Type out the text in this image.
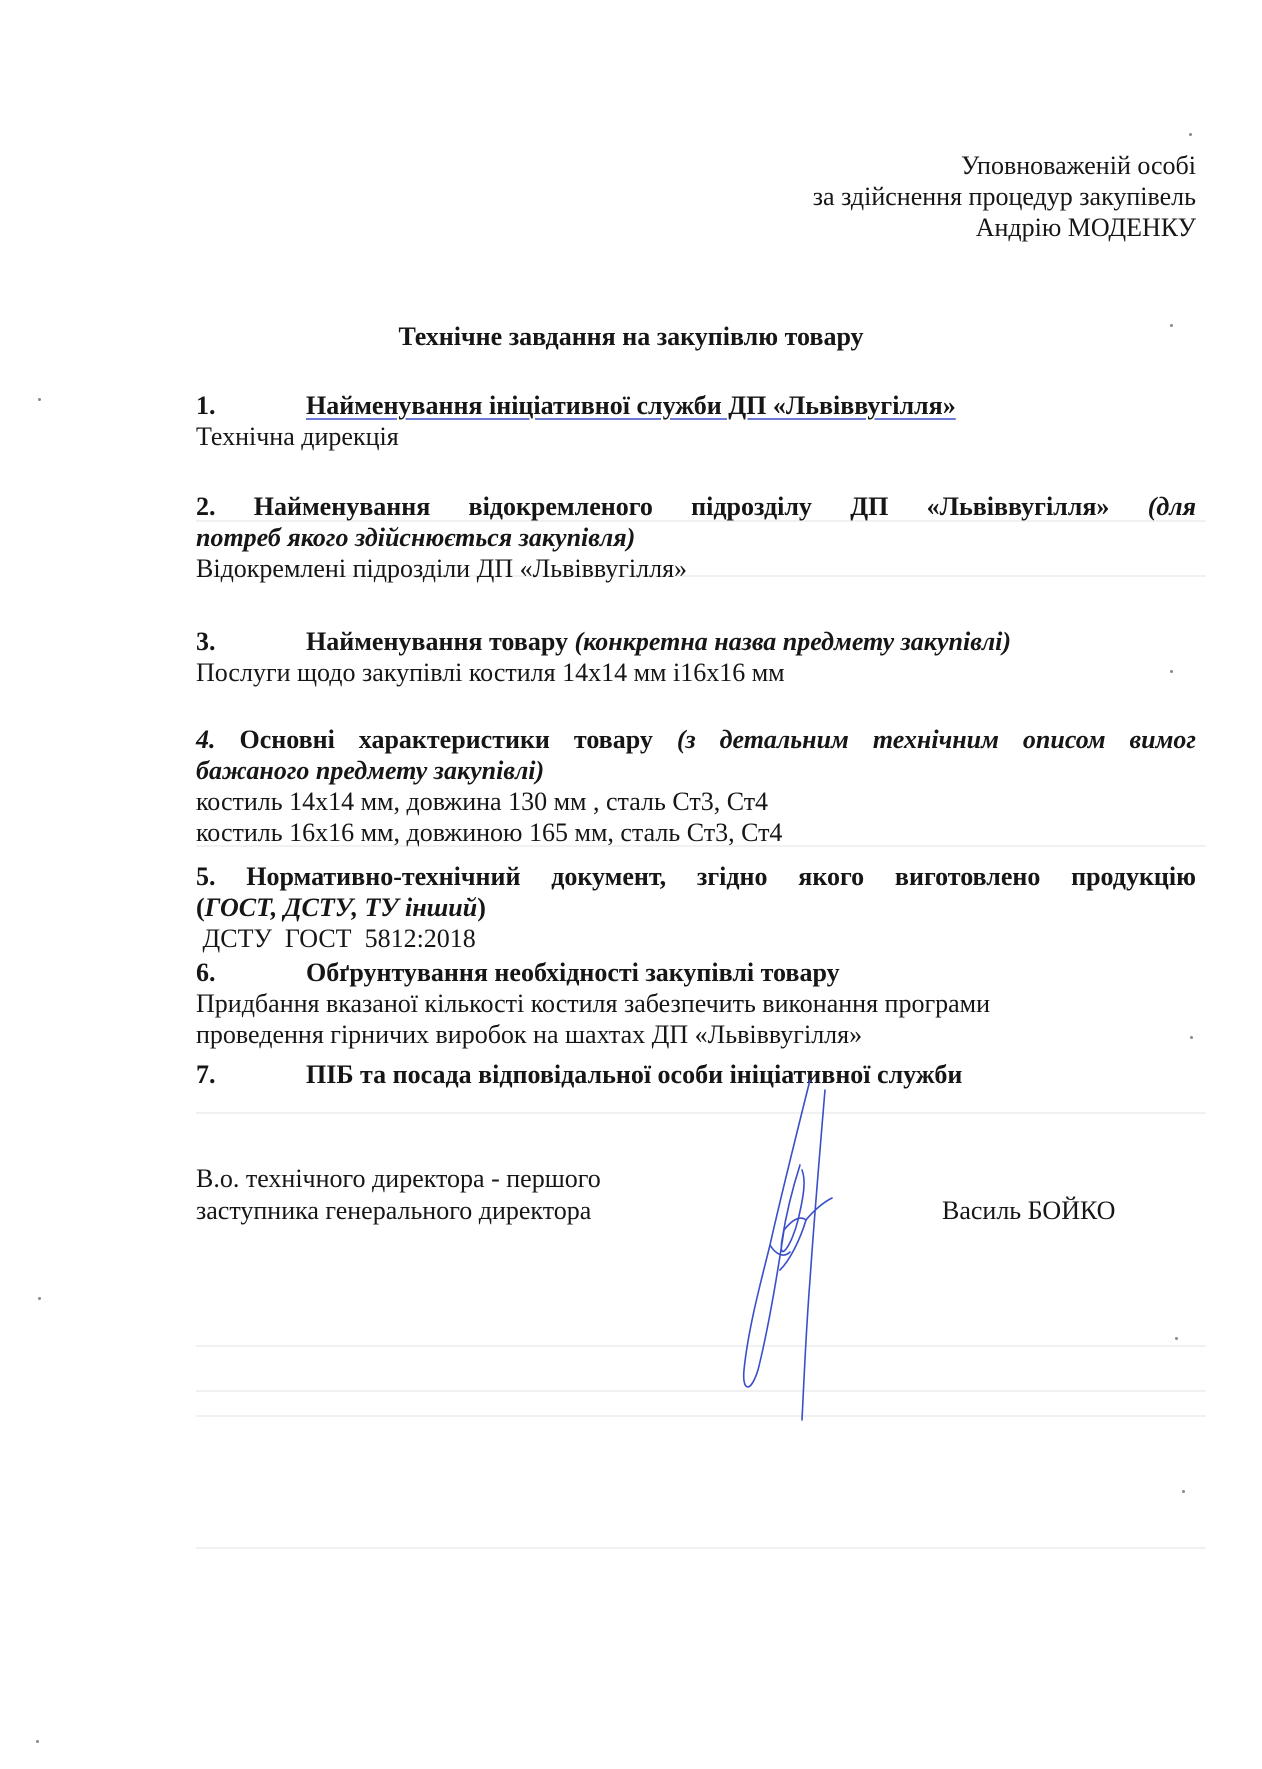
Уповноваженій особі
за здійснення процедур закупівель
Андрію МОДЕНКУ
Технічне завдання на закупівлю товару
1.	Найменування ініціативної служби ДП «Львіввугілля»
Технічна дирекція
2. Найменування відокремленого підрозділу ДП «Львіввугілля» (для
потреб якого здійснюється закупівля)
Відокремлені підрозділи ДП «Львіввугілля»
3.	Найменування товару (конкретна назва предмету закупівлі)
Послуги щодо закупівлі костиля 14х14 мм і16х16 мм
4. Основні характеристики товару (з детальним технічним описом вимог
бажаного предмету закупівлі)
костиль 14х14 мм, довжина 130 мм , сталь Ст3, Ст4
костиль 16х16 мм, довжиною 165 мм, сталь Ст3, Ст4
5. Нормативно-технічний документ, згідно якого виготовлено продукцію
(ГОСТ, ДСТУ, ТУ інший)
ДСТУ  ГОСТ  5812:2018
6.	Обґрунтування необхідності закупівлі товару
Придбання вказаної кількості костиля забезпечить виконання програми
проведення гірничих виробок на шахтах ДП «Львіввугілля»
7.	ПІБ та посада відповідальної особи ініціативної служби
В.о. технічного директора - першого
заступника генерального директора	Василь БОЙКО
